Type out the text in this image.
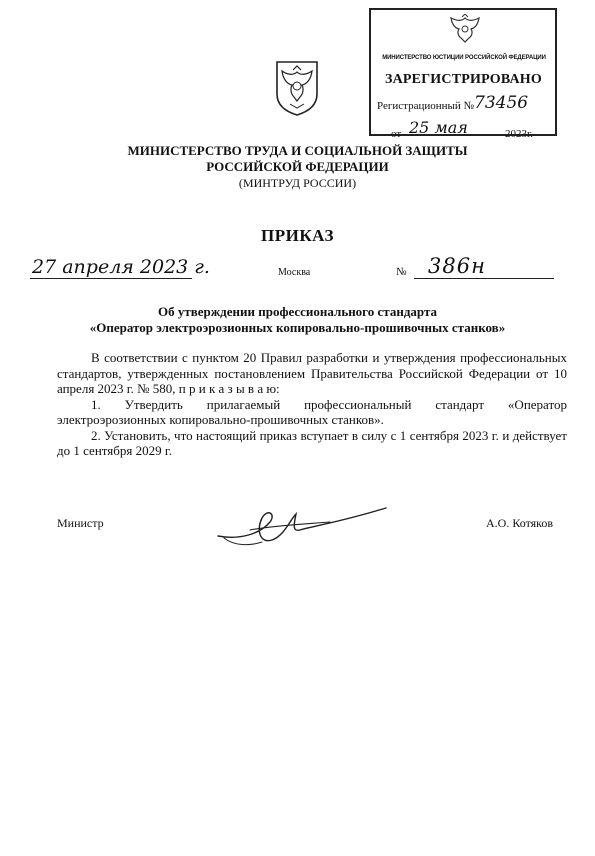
МИНИСТЕРСТВО ЮСТИЦИИ РОССИЙСКОЙ ФЕДЕРАЦИИ
ЗАРЕГИСТРИРОВАНО
Регистрационный № 73456
от 25 мая	2023г.
МИНИСТЕРСТВО ТРУДА И СОЦИАЛЬНОЙ ЗАЩИТЫ
РОССИЙСКОЙ ФЕДЕРАЦИИ
(МИНТРУД РОССИИ)
ПРИКАЗ
27 апреля 2023 г.	Москва	№ 386н
Об утверждении профессионального стандарта
«Оператор электроэрозионных копировально-прошивочных станков»

В соответствии с пунктом 20 Правил разработки и утверждения профессиональных стандартов, утвержденных постановлением Правительства Российской Федерации от 10 апреля 2023 г. № 580, п р и к а з ы в а ю:

1. Утвердить прилагаемый профессиональный стандарт «Оператор электроэрозионных копировально-прошивочных станков».

2. Установить, что настоящий приказ вступает в силу с 1 сентября 2023 г. и действует до 1 сентября 2029 г.

Министр	А.О. Котяков
